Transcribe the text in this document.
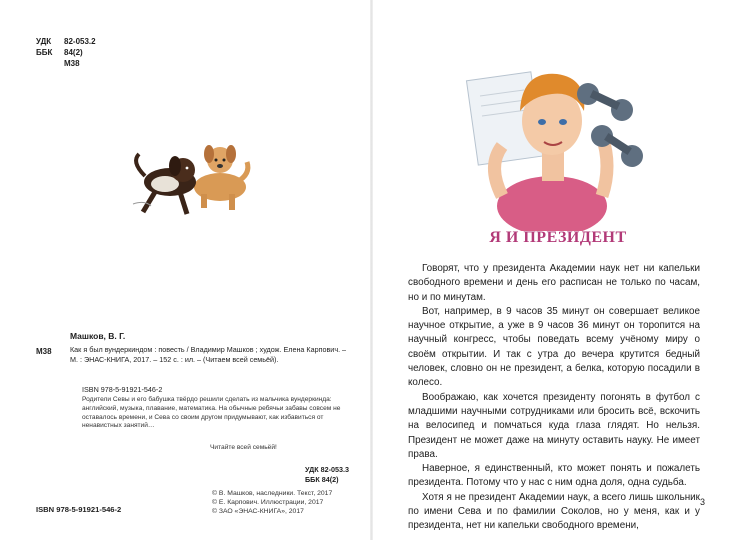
УДК 82-053.2
ББК 84(2)
М38
Машков, В. Г.
М38	Как я был вундеркиндом : повесть / Владимир Машков ; худож. Елена Карпович. – М. : ЭНАС-КНИГА, 2017. – 152 с. : ил. – (Читаем всей семьёй).
ISBN 978-5-91921-546-2
Родители Севы и его бабушка твёрдо решили сделать из мальчика вундеркинда: английский, музыка, плавание, математика. На обычные ребячьи забавы совсем не оставалось времени, и Сева со своим другом придумывают, как избавиться от ненавистных занятий…
Читайте всей семьёй!
УДК 82-053.3
ББК 84(2)
© В. Машков, наследники. Текст, 2017
© Е. Карпович. Иллюстрации, 2017
© ЗАО «ЭНАС-КНИГА», 2017
ISBN 978-5-91921-546-2
Я И ПРЕЗИДЕНТ

Говорят, что у президента Академии наук нет ни капельки свободного времени и день его расписан не только по часам, но и по минутам.

Вот, например, в 9 часов 35 минут он совершает великое научное открытие, а уже в 9 часов 36 минут он торопится на научный конгресс, чтобы поведать всему учёному миру о своём открытии. И так с утра до вечера крутится бедный человек, словно он не президент, а белка, которую посадили в колесо.

Воображаю, как хочется президенту погонять в футбол с младшими научными сотрудниками или бросить всё, вскочить на велосипед и помчаться куда глаза глядят. Но нельзя. Президент не может даже на минуту оставить науку. Не имеет права.

Наверное, я единственный, кто может понять и пожалеть президента. Потому что у нас с ним одна доля, одна судьба.

Хотя я не президент Академии наук, а всего лишь школьник по имени Сева и по фамилии Соколов, но у меня, как и у президента, нет ни капельки свободного времени,

3
